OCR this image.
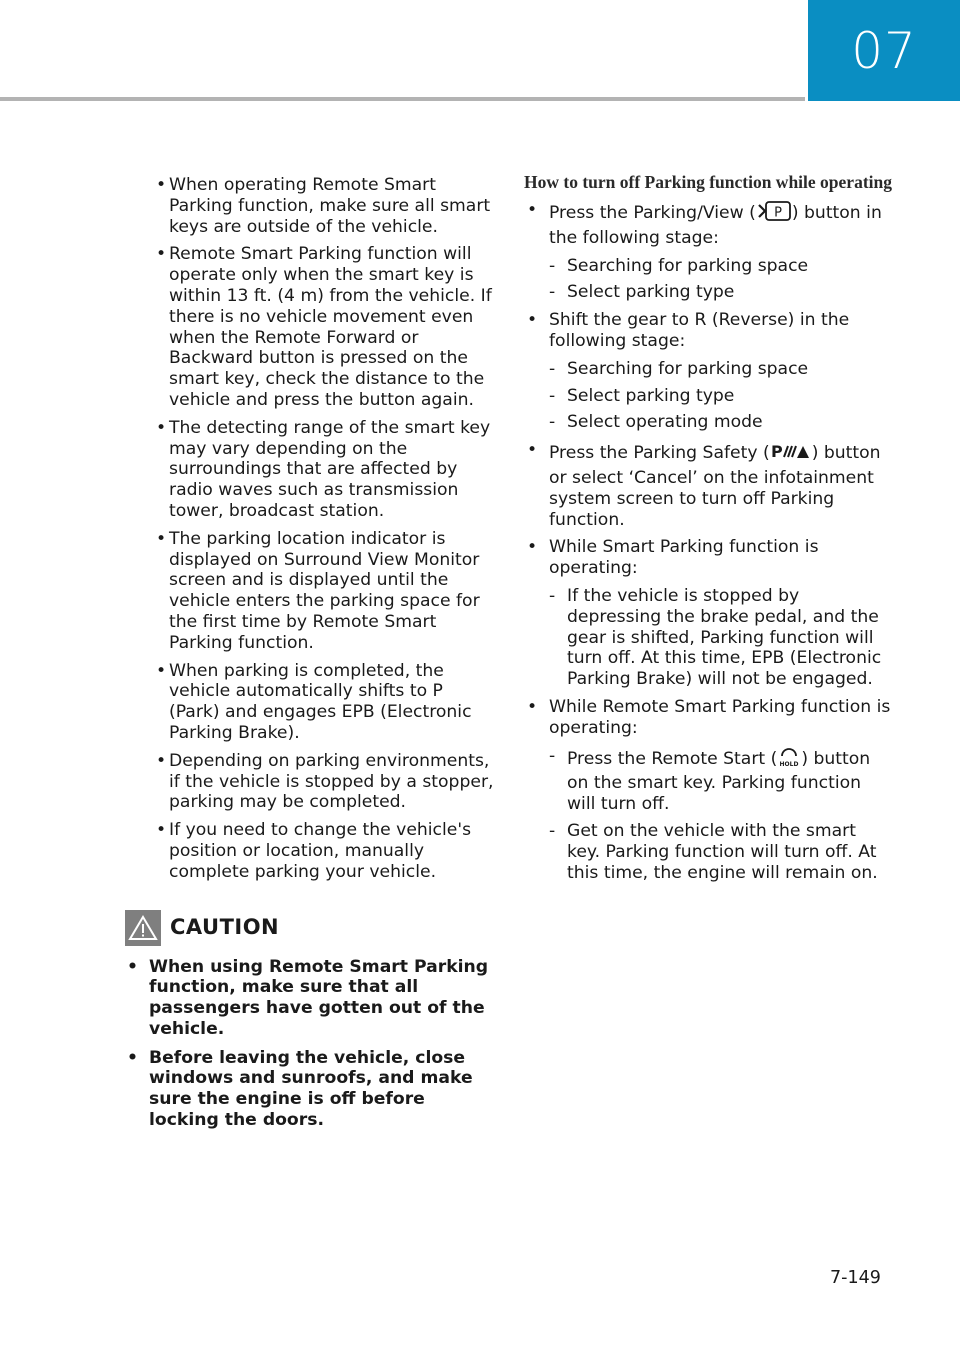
07
• When operating Remote Smart Parking function, make sure all smart keys are outside of the vehicle.
• Remote Smart Parking function will operate only when the smart key is within 13 ft. (4 m) from the vehicle. If there is no vehicle movement even when the Remote Forward or Backward button is pressed on the smart key, check the distance to the vehicle and press the button again.
• The detecting range of the smart key may vary depending on the surroundings that are affected by radio waves such as transmission tower, broadcast station.
• The parking location indicator is displayed on Surround View Monitor screen and is displayed until the vehicle enters the parking space for the first time by Remote Smart Parking function.
• When parking is completed, the vehicle automatically shifts to P (Park) and engages EPB (Electronic Parking Brake).
• Depending on parking environments, if the vehicle is stopped by a stopper, parking may be completed.
• If you need to change the vehicle's position or location, manually complete parking your vehicle.
CAUTION
• When using Remote Smart Parking function, make sure that all passengers have gotten out of the vehicle.
• Before leaving the vehicle, close windows and sunroofs, and make sure the engine is off before locking the doors.
How to turn off Parking function while operating
• Press the Parking/View ( P ) button in the following stage:
- Searching for parking space
- Select parking type
• Shift the gear to R (Reverse) in the following stage:
- Searching for parking space
- Select parking type
- Select operating mode
• Press the Parking Safety ( P ) button or select ‘Cancel’ on the infotainment system screen to turn off Parking function.
• While Smart Parking function is operating:
- If the vehicle is stopped by depressing the brake pedal, and the gear is shifted, Parking function will turn off. At this time, EPB (Electronic Parking Brake) will not be engaged.
• While Remote Smart Parking function is operating:
- Press the Remote Start ( HOLD ) button on the smart key. Parking function will turn off.
- Get on the vehicle with the smart key. Parking function will turn off. At this time, the engine will remain on.
7-149
